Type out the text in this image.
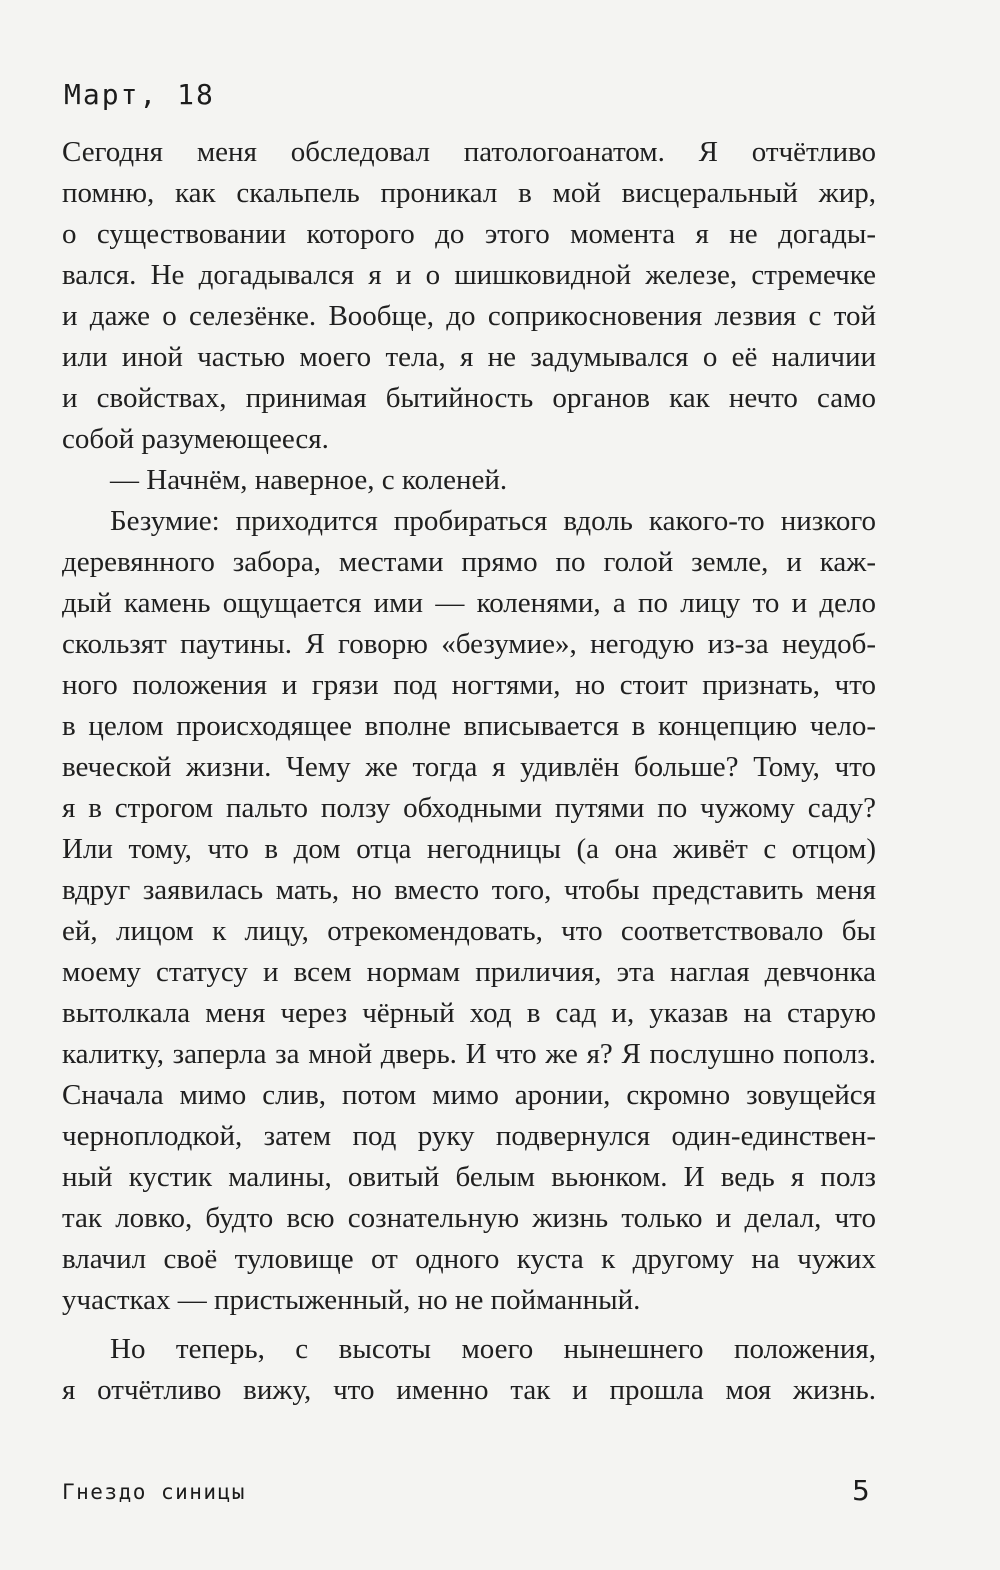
Март, 18
Сегодня меня обследовал патологоанатом. Я отчётливо
помню, как скальпель проникал в мой висцеральный жир,
о существовании которого до этого момента я не догады-
вался. Не догадывался я и о шишковидной железе, стремечке
и даже о селезёнке. Вообще, до соприкосновения лезвия с той
или иной частью моего тела, я не задумывался о её наличии
и свойствах, принимая бытийность органов как нечто само
собой разумеющееся.
— Начнём, наверное, с коленей.
Безумие: приходится пробираться вдоль какого-то низкого
деревянного забора, местами прямо по голой земле, и каж-
дый камень ощущается ими — коленями, а по лицу то и дело
скользят паутины. Я говорю «безумие», негодую из-за неудоб-
ного положения и грязи под ногтями, но стоит признать, что
в целом происходящее вполне вписывается в концепцию чело-
веческой жизни. Чему же тогда я удивлён больше? Тому, что
я в строгом пальто ползу обходными путями по чужому саду?
Или тому, что в дом отца негодницы (а она живёт с отцом)
вдруг заявилась мать, но вместо того, чтобы представить меня
ей, лицом к лицу, отрекомендовать, что соответствовало бы
моему статусу и всем нормам приличия, эта наглая девчонка
вытолкала меня через чёрный ход в сад и, указав на старую
калитку, заперла за мной дверь. И что же я? Я послушно пополз.
Сначала мимо слив, потом мимо аронии, скромно зовущейся
черноплодкой, затем под руку подвернулся один-единствен-
ный кустик малины, овитый белым вьюнком. И ведь я полз
так ловко, будто всю сознательную жизнь только и делал, что
влачил своё туловище от одного куста к другому на чужих
участках — пристыженный, но не пойманный.
Но теперь, с высоты моего нынешнего положения,
я отчётливо вижу, что именно так и прошла моя жизнь.
Гнездо синицы	5
